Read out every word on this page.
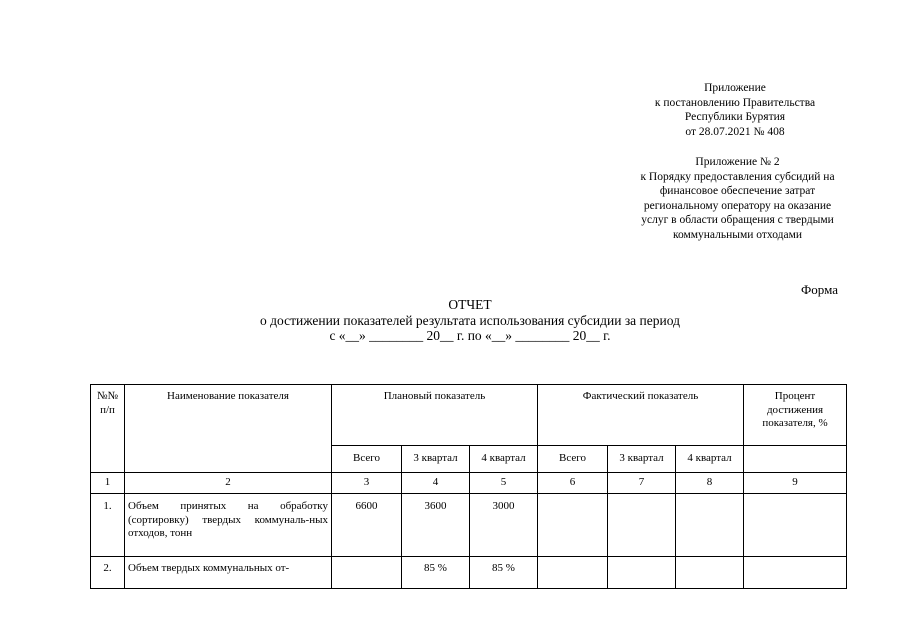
Приложение
к постановлению Правительства
Республики Бурятия
от 28.07.2021 № 408
Приложение № 2
к Порядку предоставления субсидий на
финансовое обеспечение затрат
региональному оператору на оказание
услуг в области обращения с твердыми
коммунальными отходами
Форма
ОТЧЕТ
о достижении показателей результата использования субсидии за период
с «__» ________ 20__ г. по «__» ________ 20__ г.
№№ п/п	Наименование показателя	Плановый показатель			Фактический показатель			Процент достижения показателя, %
		Всего	3 квартал	4 квартал	Всего	3 квартал	4 квартал	
1	2	3	4	5	6	7	8	9
1.	Объем принятых на обработку (сортировку) твердых коммуналь-ных отходов, тонн	6600	3600	3000				
2.	Объем твердых коммунальных от-		85 %	85 %				
